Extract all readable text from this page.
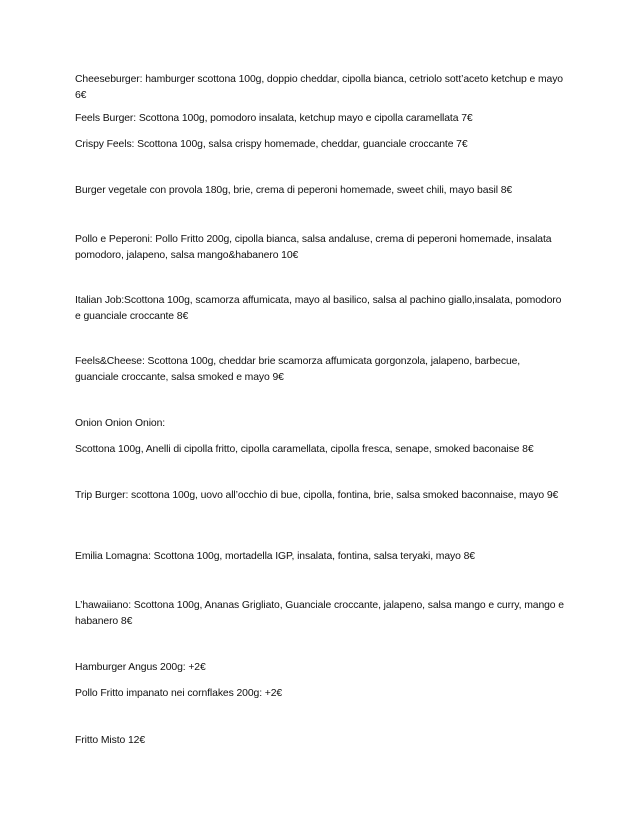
Cheeseburger: hamburger scottona 100g, doppio cheddar, cipolla bianca, cetriolo sott’aceto ketchup e mayo 6€
Feels Burger: Scottona 100g, pomodoro insalata, ketchup mayo e cipolla caramellata 7€
Crispy Feels: Scottona 100g, salsa crispy homemade, cheddar, guanciale croccante 7€
Burger vegetale con provola 180g, brie, crema di peperoni homemade, sweet chili, mayo basil 8€
Pollo e Peperoni: Pollo Fritto 200g, cipolla bianca, salsa andaluse, crema di peperoni homemade, insalata pomodoro, jalapeno, salsa mango&habanero 10€
Italian Job:Scottona 100g, scamorza affumicata, mayo al basilico, salsa al pachino giallo,insalata, pomodoro e guanciale croccante 8€
Feels&Cheese: Scottona 100g, cheddar brie scamorza affumicata gorgonzola, jalapeno, barbecue, guanciale croccante, salsa smoked e mayo 9€
Onion Onion Onion:
Scottona 100g, Anelli di cipolla fritto, cipolla caramellata, cipolla fresca, senape, smoked baconaise 8€
Trip Burger: scottona 100g, uovo all’occhio di bue, cipolla, fontina, brie, salsa smoked baconnaise, mayo 9€
Emilia Lomagna: Scottona 100g, mortadella IGP, insalata, fontina, salsa teryaki, mayo 8€
L’hawaiiano: Scottona 100g, Ananas Grigliato, Guanciale croccante, jalapeno, salsa mango e curry, mango e habanero 8€
Hamburger Angus 200g: +2€
Pollo Fritto impanato nei cornflakes 200g: +2€
Fritto Misto 12€
